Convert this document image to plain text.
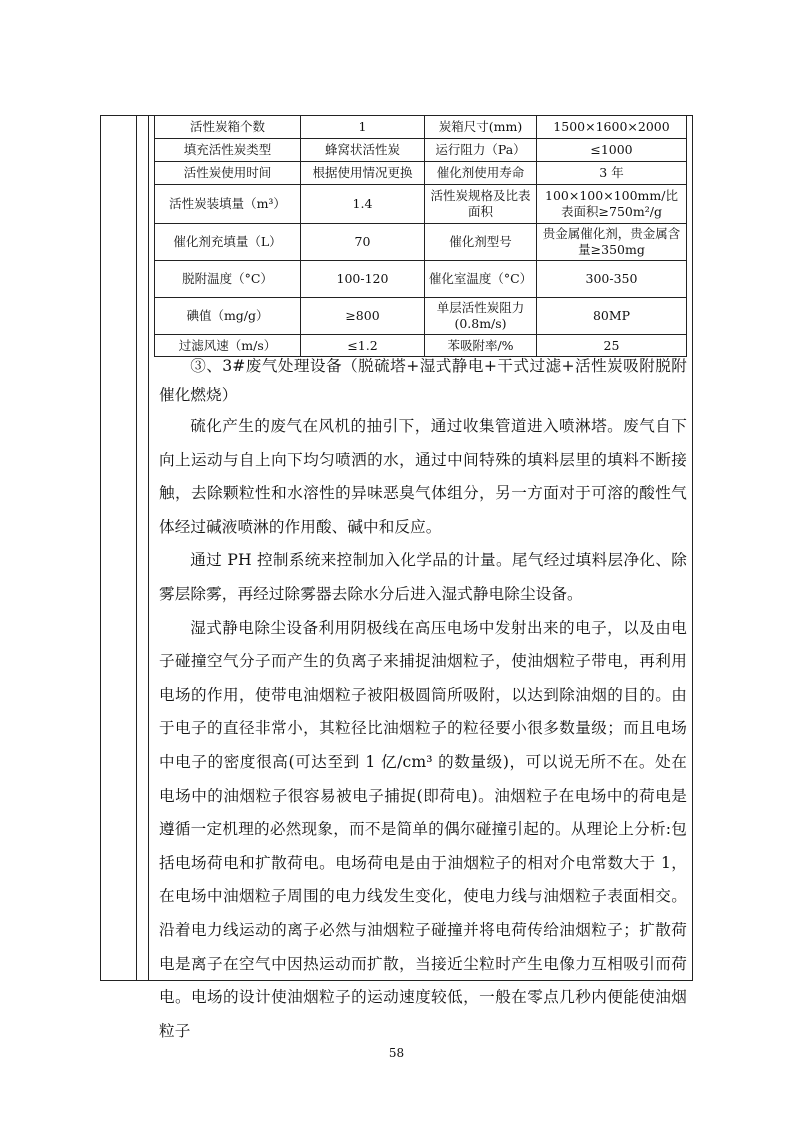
活性炭箱个数	1	炭箱尺寸(mm)	1500×1600×2000
填充活性炭类型	蜂窝状活性炭	运行阻力（Pa）	≤1000
活性炭使用时间	根据使用情况更换	催化剂使用寿命	3 年
活性炭装填量（m³）	1.4	活性炭规格及比表面积	100×100×100mm/比表面积≥750m²/g
催化剂充填量（L）	70	催化剂型号	贵金属催化剂，贵金属含量≥350mg
脱附温度（°C）	100-120	催化室温度（°C）	300-350
碘值（mg/g）	≥800	单层活性炭阻力(0.8m/s)	80MP
过滤风速（m/s）	≤1.2	苯吸附率/%	25

③、3#废气处理设备（脱硫塔+湿式静电+干式过滤+活性炭吸附脱附催化燃烧）

硫化产生的废气在风机的抽引下，通过收集管道进入喷淋塔。废气自下向上运动与自上向下均匀喷洒的水，通过中间特殊的填料层里的填料不断接触，去除颗粒性和水溶性的异味恶臭气体组分，另一方面对于可溶的酸性气体经过碱液喷淋的作用酸、碱中和反应。

通过 PH 控制系统来控制加入化学品的计量。尾气经过填料层净化、除雾层除雾，再经过除雾器去除水分后进入湿式静电除尘设备。

湿式静电除尘设备利用阴极线在高压电场中发射出来的电子，以及由电子碰撞空气分子而产生的负离子来捕捉油烟粒子，使油烟粒子带电，再利用电场的作用，使带电油烟粒子被阳极圆筒所吸附，以达到除油烟的目的。由于电子的直径非常小，其粒径比油烟粒子的粒径要小很多数量级；而且电场中电子的密度很高(可达至到 1 亿/cm³ 的数量级)，可以说无所不在。处在电场中的油烟粒子很容易被电子捕捉(即荷电)。油烟粒子在电场中的荷电是遵循一定机理的必然现象，而不是简单的偶尔碰撞引起的。从理论上分析:包括电场荷电和扩散荷电。电场荷电是由于油烟粒子的相对介电常数大于 1，在电场中油烟粒子周围的电力线发生变化，使电力线与油烟粒子表面相交。沿着电力线运动的离子必然与油烟粒子碰撞并将电荷传给油烟粒子；扩散荷电是离子在空气中因热运动而扩散，当接近尘粒时产生电像力互相吸引而荷电。电场的设计使油烟粒子的运动速度较低，一般在零点几秒内便能使油烟粒子

58
